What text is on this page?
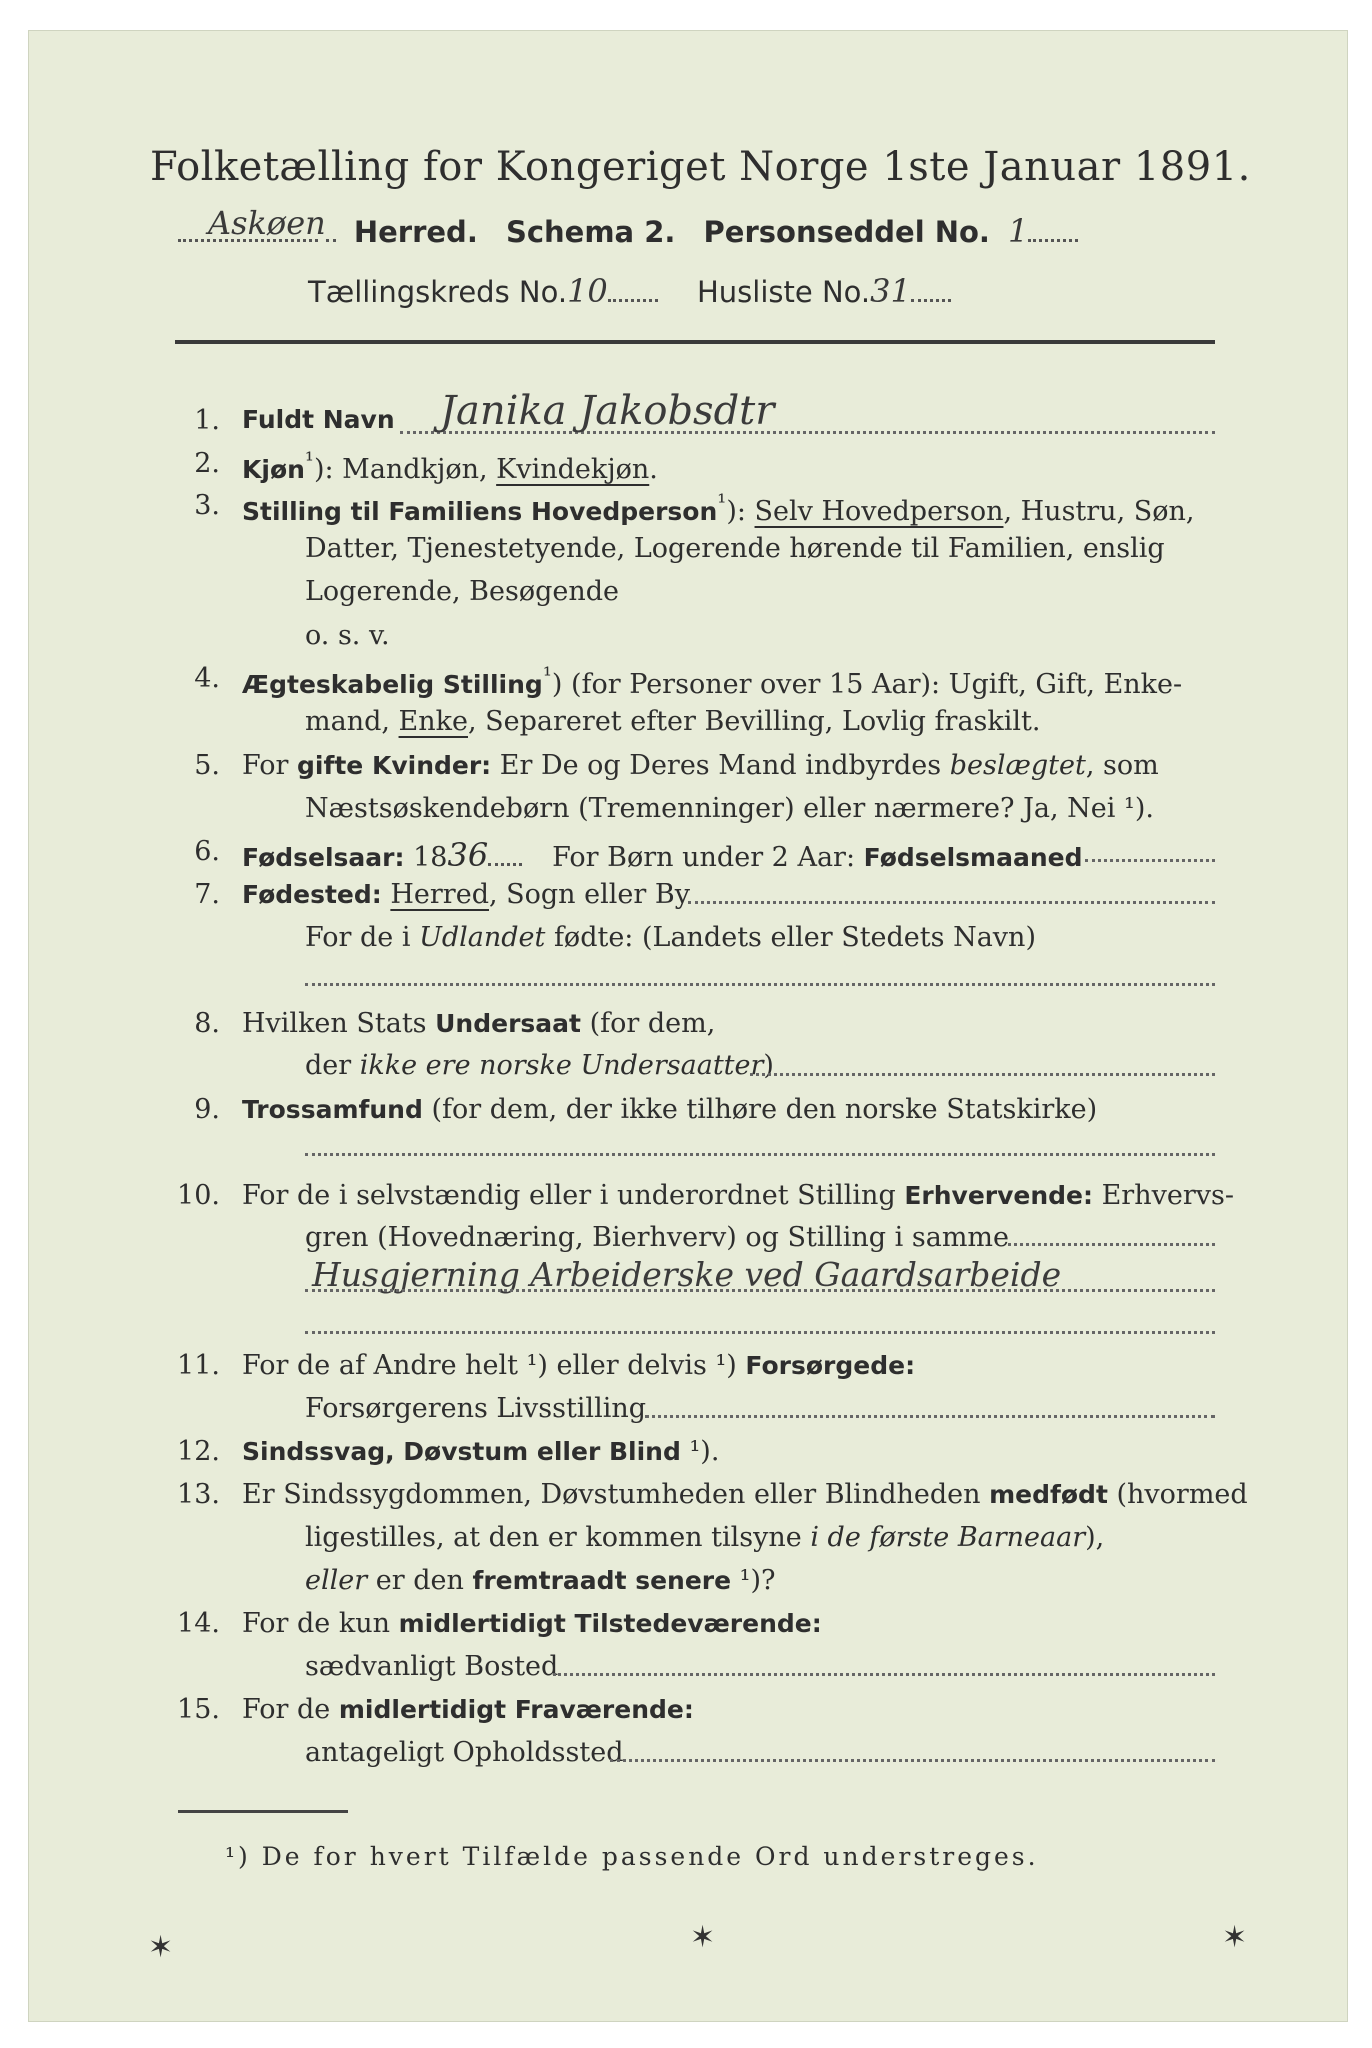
Folketælling for Kongeriget Norge 1ste Januar 1891.
Askøen Herred. Schema 2. Personseddel No. 1
Tællingskreds No.10	Husliste No.31
1. Fuldt Navn Janika Jakobsdtr
2. Kjøn$^{^1}$): Mandkjøn, Kvindekjøn.
3. Stilling til Familiens Hovedperson$^{^1}$): Selv Hovedperson, Hustru, Søn,
Datter, Tjenestetyende, Logerende hørende til Familien, enslig
Logerende, Besøgende
o. s. v.
4. Ægteskabelig Stilling$^{^1}$) (for Personer over 15 Aar): Ugift, Gift, Enke-
mand, Enke, Separeret efter Bevilling, Lovlig fraskilt.
5. For gifte Kvinder: Er De og Deres Mand indbyrdes beslægtet, som
Næstsøskendebørn (Tremenninger) eller nærmere? Ja, Nei ¹).
6. Fødselsaar: 1836 For Børn under 2 Aar: Fødselsmaaned
7. Fødested: Herred, Sogn eller By
For de i Udlandet fødte: (Landets eller Stedets Navn)
8. Hvilken Stats Undersaat (for dem,
der ikke ere norske Undersaatter)
9. Trossamfund (for dem, der ikke tilhøre den norske Statskirke)
10. For de i selvstændig eller i underordnet Stilling Erhvervende: Erhvervs-
gren (Hovednæring, Bierhverv) og Stilling i samme
Husgjerning Arbeiderske ved Gaardsarbeide
11. For de af Andre helt ¹) eller delvis ¹) Forsørgede:
Forsørgerens Livsstilling
12. Sindssvag, Døvstum eller Blind ¹).
13. Er Sindssygdommen, Døvstumheden eller Blindheden medfødt (hvormed
ligestilles, at den er kommen tilsyne i de første Barneaar),
eller er den fremtraadt senere ¹)?
14. For de kun midlertidigt Tilstedeværende:
sædvanligt Bosted
15. For de midlertidigt Fraværende:
antageligt Opholdssted
¹) De for hvert Tilfælde passende Ord understreges.
✶	✶	✶
